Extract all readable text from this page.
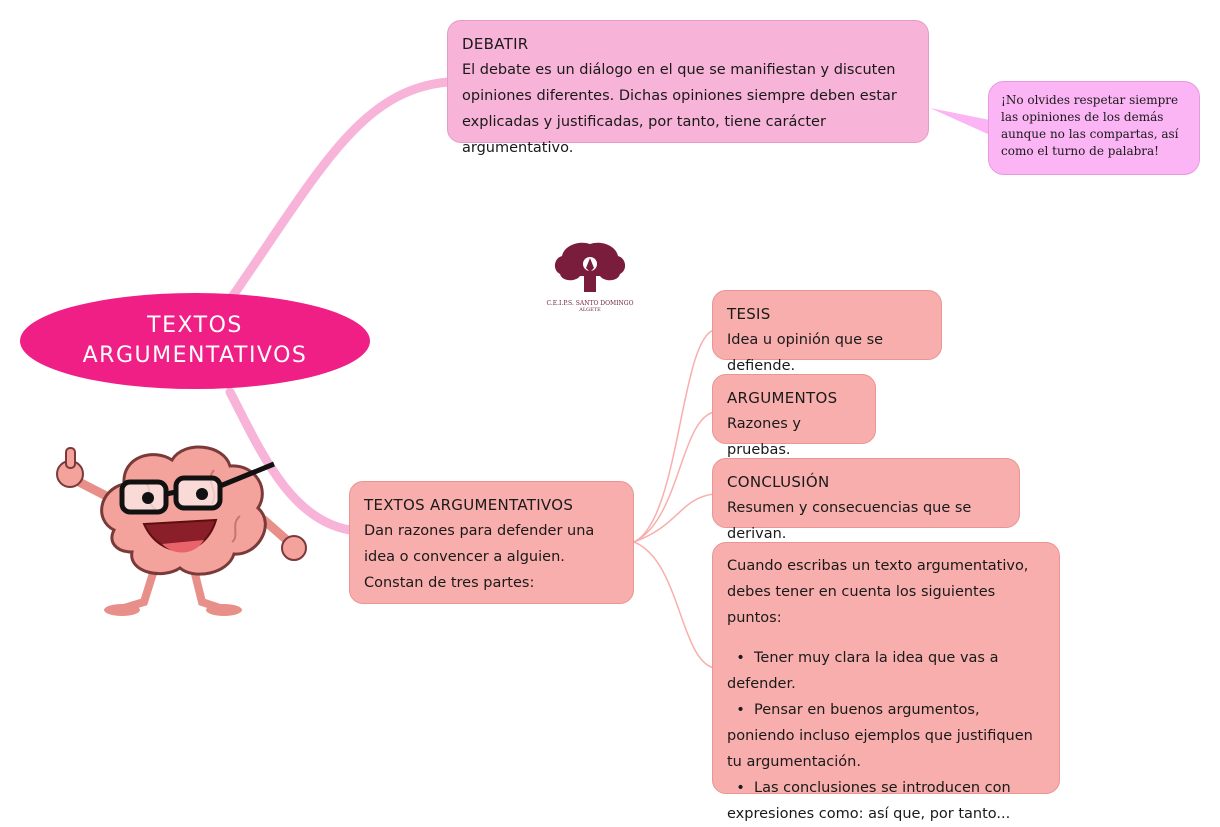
DEBATIR
El debate es un diálogo en el que se manifiestan y discuten opiniones diferentes. Dichas opiniones siempre deben estar explicadas y justificadas, por tanto, tiene carácter argumentativo.
¡No olvides respetar siempre las opiniones de los demás aunque no las compartas, así como el turno de palabra!
C.E.I.P.S. SANTO DOMINGO
ALGETE
TEXTOS
ARGUMENTATIVOS
TEXTOS ARGUMENTATIVOS
Dan razones para defender una idea o convencer a alguien. Constan de tres partes:
TESIS
Idea u opinión que se defiende.
ARGUMENTOS
Razones y pruebas.
CONCLUSIÓN
Resumen y consecuencias que se derivan.
Cuando escribas un texto argumentativo, debes tener en cuenta los siguientes puntos:
•  Tener muy clara la idea que vas a defender.
•  Pensar en buenos argumentos, poniendo incluso ejemplos que justifiquen tu argumentación.
•  Las conclusiones se introducen con expresiones como: así que, por tanto...
